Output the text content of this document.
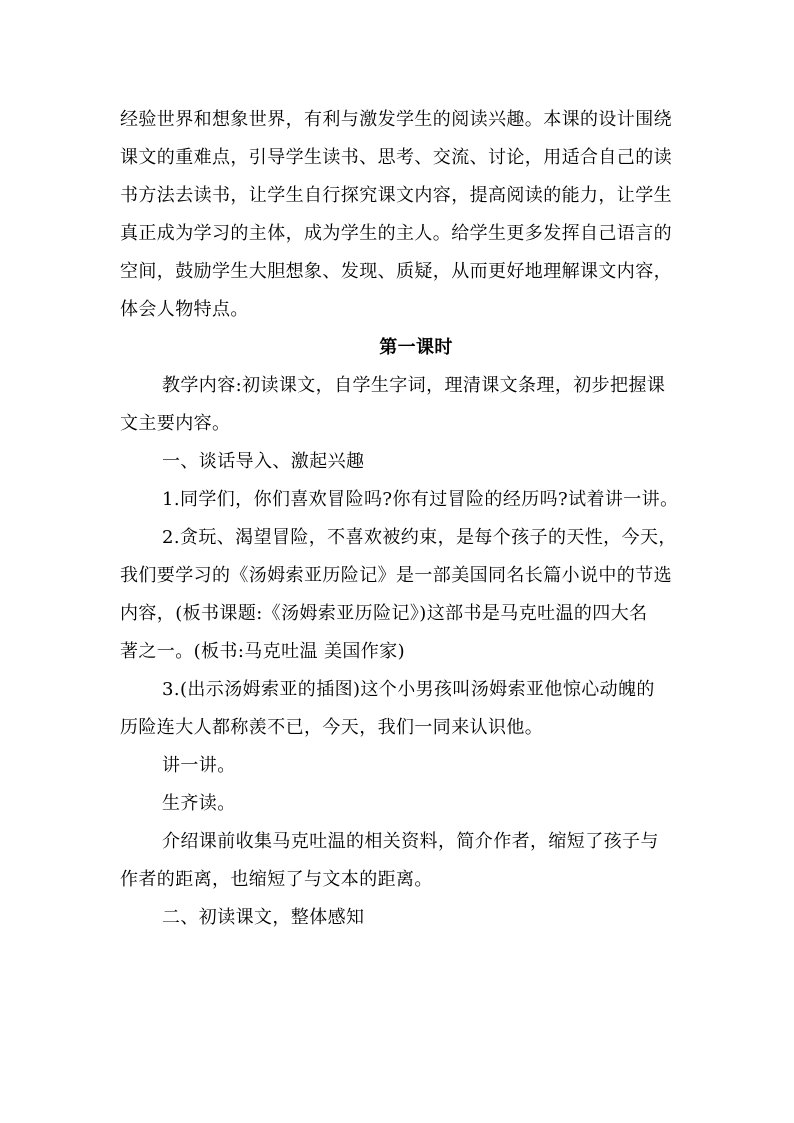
经验世界和想象世界，有利与激发学生的阅读兴趣。本课的设计围绕
课文的重难点，引导学生读书、思考、交流、讨论，用适合自己的读
书方法去读书，让学生自行探究课文内容，提高阅读的能力，让学生
真正成为学习的主体，成为学生的主人。给学生更多发挥自己语言的
空间，鼓励学生大胆想象、发现、质疑，从而更好地理解课文内容，
体会人物特点。
第一课时
教学内容:初读课文，自学生字词，理清课文条理，初步把握课
文主要内容。
一、谈话导入、激起兴趣
1.同学们，你们喜欢冒险吗?你有过冒险的经历吗?试着讲一讲。
2.贪玩、渴望冒险，不喜欢被约束，是每个孩子的天性，今天，
我们要学习的《汤姆索亚历险记》是一部美国同名长篇小说中的节选
内容，(板书课题:《汤姆索亚历险记》)这部书是马克吐温的四大名
著之一。(板书:马克吐温 美国作家)
3.(出示汤姆索亚的插图)这个小男孩叫汤姆索亚他惊心动魄的
历险连大人都称羡不已，今天，我们一同来认识他。
讲一讲。
生齐读。
介绍课前收集马克吐温的相关资料，简介作者，缩短了孩子与
作者的距离，也缩短了与文本的距离。
二、初读课文，整体感知
